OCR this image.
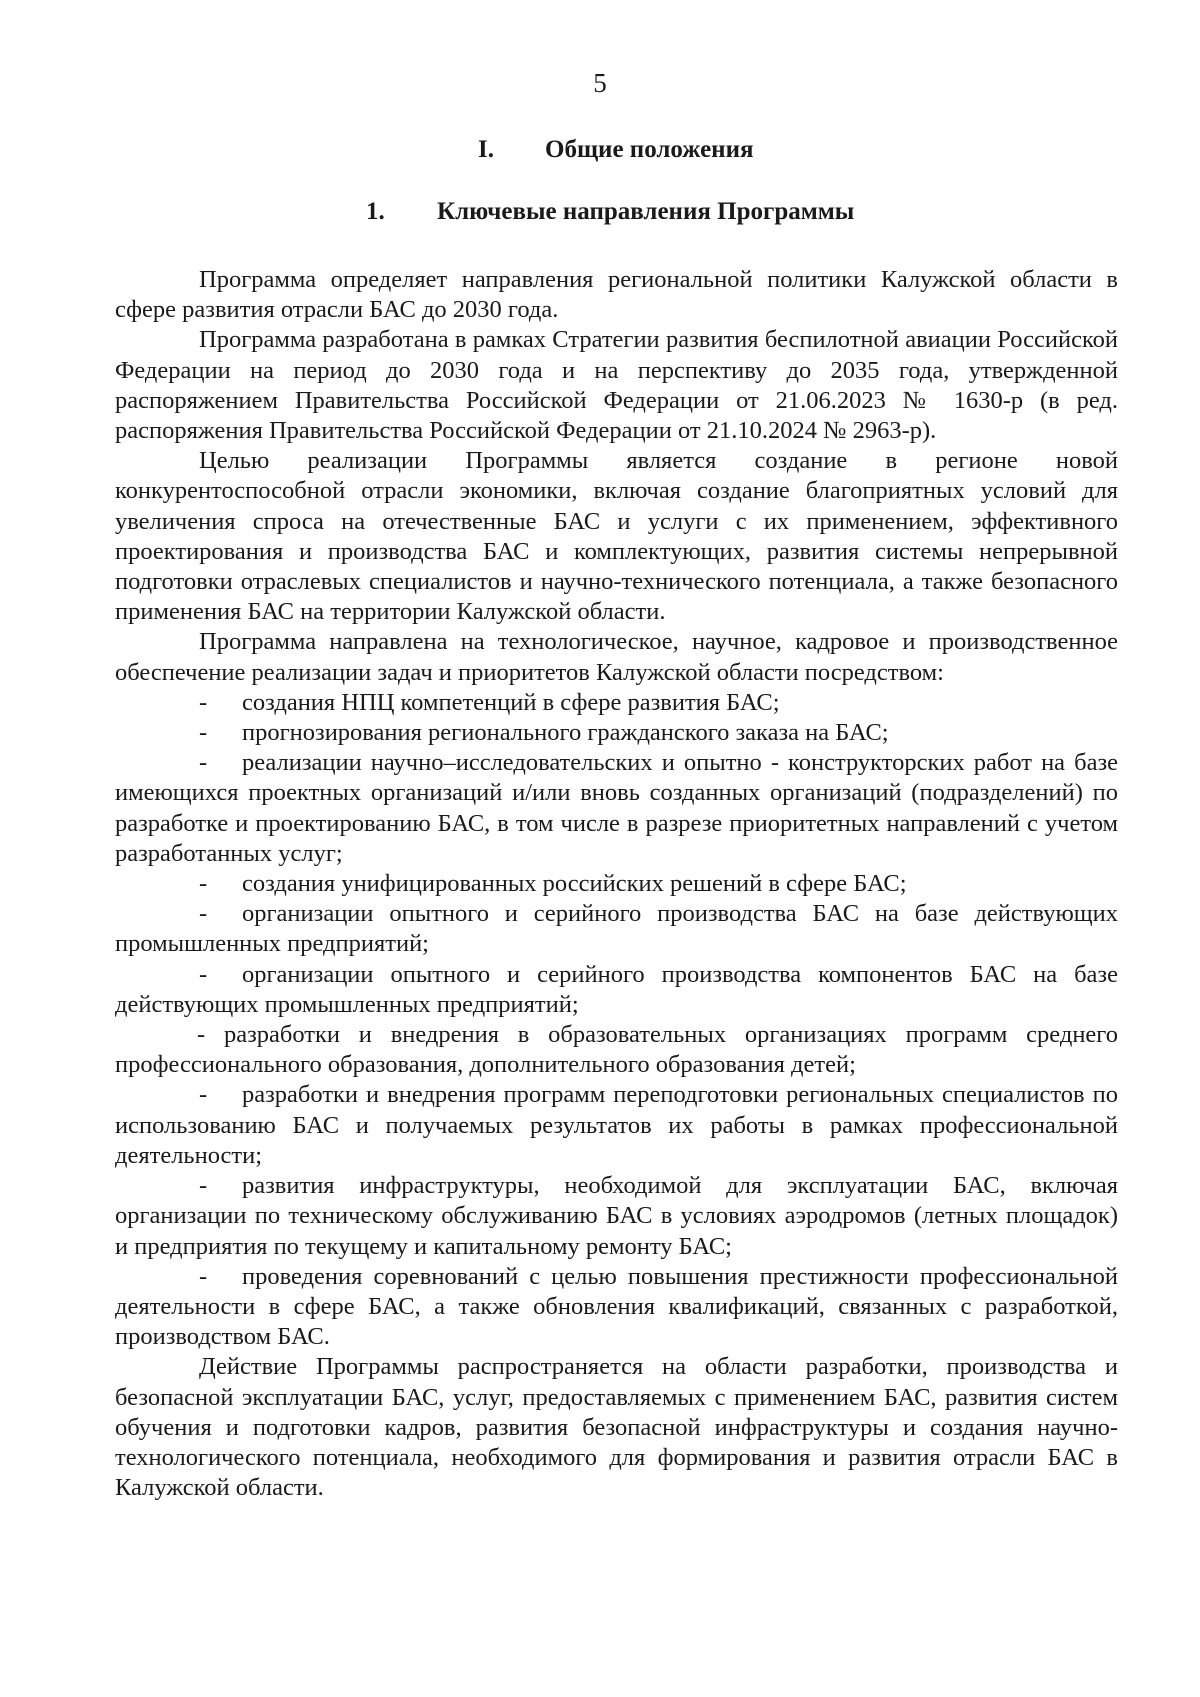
5
I. Общие положения
1. Ключевые направления Программы

Программа определяет направления региональной политики Калужской области в сфере развития отрасли БАС до 2030 года.

Программа разработана в рамках Стратегии развития беспилотной авиации Российской Федерации на период до 2030 года и на перспективу до 2035 года, утвержденной распоряжением Правительства Российской Федерации от 21.06.2023 № 1630-р (в ред. распоряжения Правительства Российской Федерации от 21.10.2024 № 2963-р).

Целью реализации Программы является создание в регионе новой конкурентоспособной отрасли экономики, включая создание благоприятных условий для увеличения спроса на отечественные БАС и услуги с их применением, эффективного проектирования и производства БАС и комплектующих, развития системы непрерывной подготовки отраслевых специалистов и научно-технического потенциала, а также безопасного применения БАС на территории Калужской области.

Программа направлена на технологическое, научное, кадровое и производственное обеспечение реализации задач и приоритетов Калужской области посредством:

- создания НПЦ компетенций в сфере развития БАС;

- прогнозирования регионального гражданского заказа на БАС;

- реализации научно–исследовательских и опытно - конструкторских работ на базе имеющихся проектных организаций и/или вновь созданных организаций (подразделений) по разработке и проектированию БАС, в том числе в разрезе приоритетных направлений с учетом разработанных услуг;

- создания унифицированных российских решений в сфере БАС;

- организации опытного и серийного производства БАС на базе действующих промышленных предприятий;

- организации опытного и серийного производства компонентов БАС на базе действующих промышленных предприятий;

- разработки и внедрения в образовательных организациях программ среднего профессионального образования, дополнительного образования детей;

- разработки и внедрения программ переподготовки региональных специалистов по использованию БАС и получаемых результатов их работы в рамках профессиональной деятельности;

- развития инфраструктуры, необходимой для эксплуатации БАС, включая организации по техническому обслуживанию БАС в условиях аэродромов (летных площадок) и предприятия по текущему и капитальному ремонту БАС;

- проведения соревнований с целью повышения престижности профессиональной деятельности в сфере БАС, а также обновления квалификаций, связанных с разработкой, производством БАС.

Действие Программы распространяется на области разработки, производства и безопасной эксплуатации БАС, услуг, предоставляемых с применением БАС, развития систем обучения и подготовки кадров, развития безопасной инфраструктуры и создания научно-технологического потенциала, необходимого для формирования и развития отрасли БАС в Калужской области.
